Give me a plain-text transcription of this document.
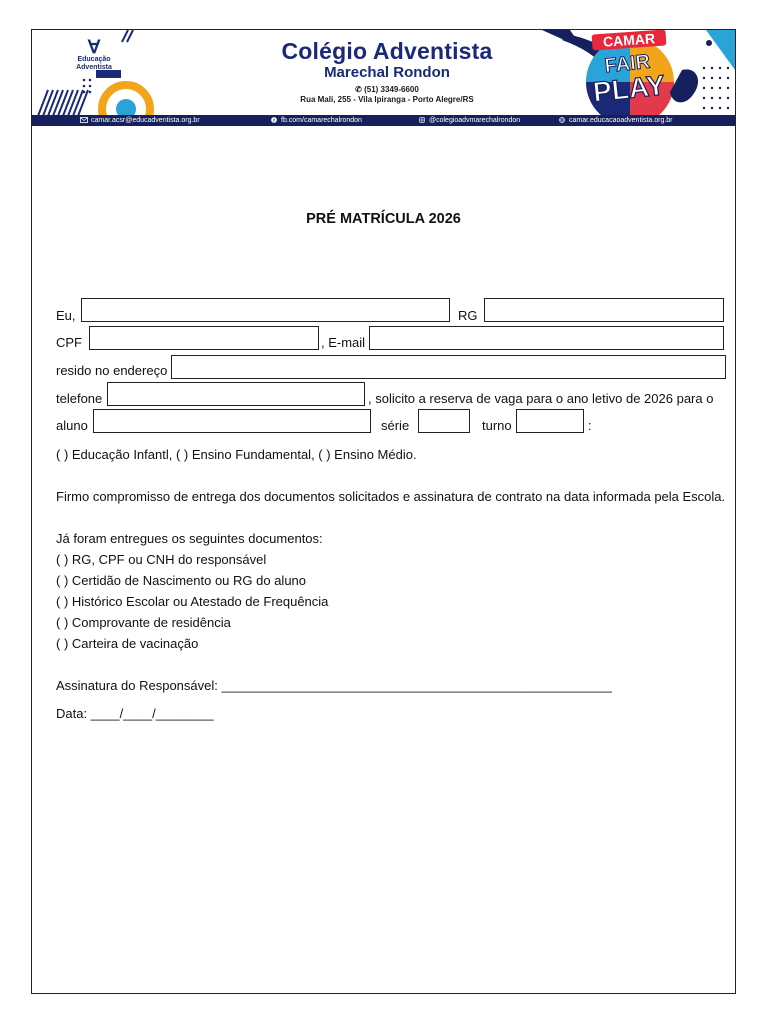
Ɐ
Educação
Adventista
Colégio Adventista
Marechal Rondon
✆ (51) 3349-6600
Rua Mali, 255 - Vila Ipiranga - Porto Alegre/RS
CAMAR
FAIR
PLAY
camar.acsr@educadventista.org.br	f fb.com/camarechalrondon	@colegioadvmarechalrondon	camar.educacaoadventista.org.br
PRÉ MATRÍCULA 2026
Eu,	RG
CPF	, E-mail
resido no endereço
telefone	, solicito a reserva de vaga para o ano letivo de 2026 para o
aluno	série	turno	:
( ) Educação Infantl, ( ) Ensino Fundamental, ( ) Ensino Médio.
Firmo compromisso de entrega dos documentos solicitados e assinatura de contrato na data informada pela Escola.
Já foram entregues os seguintes documentos:
( ) RG, CPF ou CNH do responsável
( ) Certidão de Nascimento ou RG do aluno
( ) Histórico Escolar ou Atestado de Frequência
( ) Comprovante de residência
( ) Carteira de vacinação
Assinatura do Responsável: ______________________________________________________
Data: ____/____/________
